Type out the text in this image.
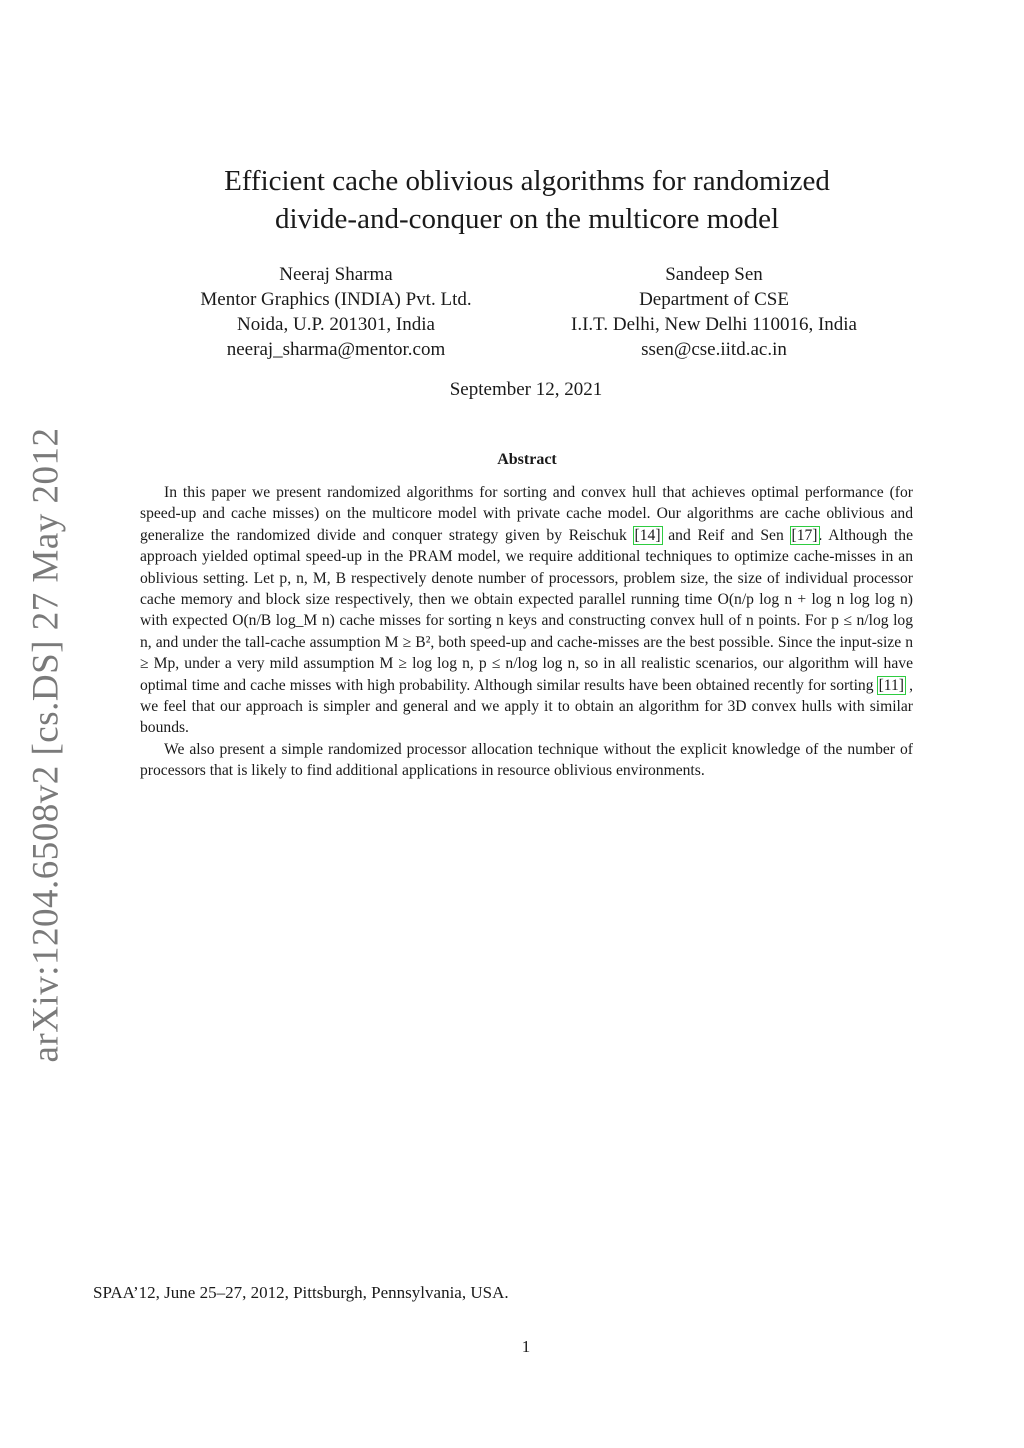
arXiv:1204.6508v2 [cs.DS] 27 May 2012
Efficient cache oblivious algorithms for randomized
divide-and-conquer on the multicore model
Neeraj Sharma
Mentor Graphics (INDIA) Pvt. Ltd.
Noida, U.P. 201301, India
neeraj_sharma@mentor.com
Sandeep Sen
Department of CSE
I.I.T. Delhi, New Delhi 110016, India
ssen@cse.iitd.ac.in
September 12, 2021
Abstract

In this paper we present randomized algorithms for sorting and convex hull that achieves optimal performance (for speed-up and cache misses) on the multicore model with private cache model. Our algorithms are cache oblivious and generalize the randomized divide and conquer strategy given by Reischuk [14] and Reif and Sen [17]. Although the approach yielded optimal speed-up in the PRAM model, we require additional techniques to optimize cache-misses in an oblivious setting. Let p, n, M, B respectively denote number of processors, problem size, the size of individual processor cache memory and block size respectively, then we obtain expected parallel running time O(n/p log n + log n log log n) with expected O(n/B log_M n) cache misses for sorting n keys and constructing convex hull of n points. For p ≤ n/log log n, and under the tall-cache assumption M ≥ B², both speed-up and cache-misses are the best possible. Since the input-size n ≥ Mp, under a very mild assumption M ≥ log log n, p ≤ n/log log n, so in all realistic scenarios, our algorithm will have optimal time and cache misses with high probability. Although similar results have been obtained recently for sorting [11] , we feel that our approach is simpler and general and we apply it to obtain an algorithm for 3D convex hulls with similar bounds.

We also present a simple randomized processor allocation technique without the explicit knowledge of the number of processors that is likely to find additional applications in resource oblivious environments.

SPAA’12, June 25–27, 2012, Pittsburgh, Pennsylvania, USA.
1
